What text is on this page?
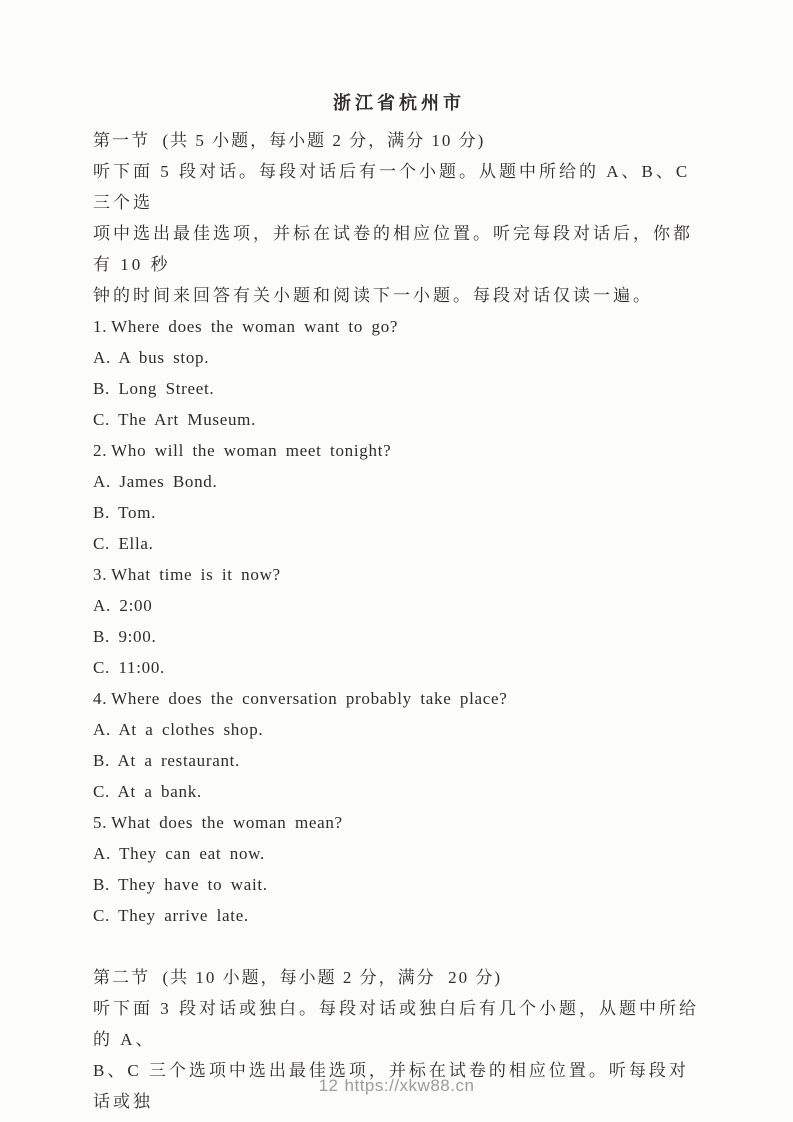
浙江省杭州市

第一节  (共 5 小题，每小题 2 分，满分 10 分)

听下面 5 段对话。每段对话后有一个小题。从题中所给的 A、B、C 三个选

项中选出最佳选项，并标在试卷的相应位置。听完每段对话后，你都有 10 秒

钟的时间来回答有关小题和阅读下一小题。每段对话仅读一遍。

1. Where does the woman want to go?

A. A bus stop.

B. Long Street.

C. The Art Museum.

2. Who will the woman meet tonight?

A. James Bond.

B. Tom.

C. Ella.

3. What time is it now?

A. 2:00

B. 9:00.

C. 11:00.

4. Where does the conversation probably take place?

A. At a clothes shop.

B. At a restaurant.

C. At a bank.

5. What does the woman mean?

A. They can eat now.

B. They have to wait.

C. They arrive late.

第二节  (共 10 小题，每小题 2 分，满分  20 分)

听下面 3 段对话或独白。每段对话或独白后有几个小题，从题中所给的 A、

B、C 三个选项中选出最佳选项，并标在试卷的相应位置。听每段对话或独

12 https://xkw88.cn
